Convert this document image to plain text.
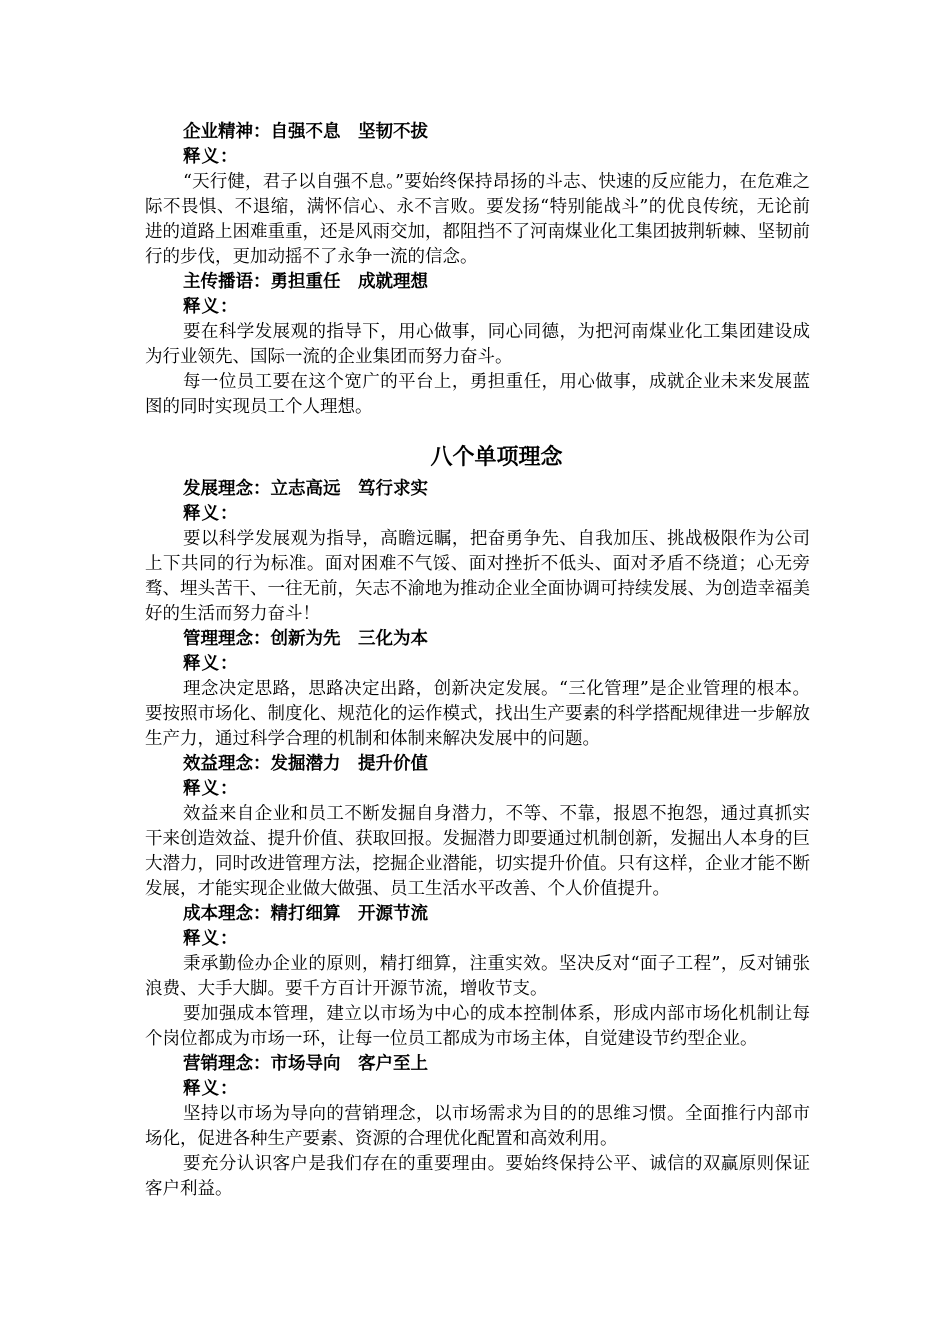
企业精神：自强不息　坚韧不拔

释义：

“天行健，君子以自强不息。”要始终保持昂扬的斗志、快速的反应能力，在危难之际不畏惧、不退缩，满怀信心、永不言败。要发扬“特别能战斗”的优良传统，无论前进的道路上困难重重，还是风雨交加，都阻挡不了河南煤业化工集团披荆斩棘、坚韧前行的步伐，更加动摇不了永争一流的信念。

主传播语：勇担重任　成就理想

释义：

要在科学发展观的指导下，用心做事，同心同德，为把河南煤业化工集团建设成为行业领先、国际一流的企业集团而努力奋斗。

每一位员工要在这个宽广的平台上，勇担重任，用心做事，成就企业未来发展蓝图的同时实现员工个人理想。

八个单项理念

发展理念：立志高远　笃行求实

释义：

要以科学发展观为指导，高瞻远瞩，把奋勇争先、自我加压、挑战极限作为公司上下共同的行为标准。面对困难不气馁、面对挫折不低头、面对矛盾不绕道；心无旁骛、埋头苦干、一往无前，矢志不渝地为推动企业全面协调可持续发展、为创造幸福美好的生活而努力奋斗！

管理理念：创新为先　三化为本

释义：

理念决定思路，思路决定出路，创新决定发展。“三化管理”是企业管理的根本。要按照市场化、制度化、规范化的运作模式，找出生产要素的科学搭配规律进一步解放生产力，通过科学合理的机制和体制来解决发展中的问题。

效益理念：发掘潜力　提升价值

释义：

效益来自企业和员工不断发掘自身潜力，不等、不靠，报恩不抱怨，通过真抓实干来创造效益、提升价值、获取回报。发掘潜力即要通过机制创新，发掘出人本身的巨大潜力，同时改进管理方法，挖掘企业潜能，切实提升价值。只有这样，企业才能不断发展，才能实现企业做大做强、员工生活水平改善、个人价值提升。

成本理念：精打细算　开源节流

释义：

秉承勤俭办企业的原则，精打细算，注重实效。坚决反对“面子工程”，反对铺张浪费、大手大脚。要千方百计开源节流，增收节支。

要加强成本管理，建立以市场为中心的成本控制体系，形成内部市场化机制让每个岗位都成为市场一环，让每一位员工都成为市场主体，自觉建设节约型企业。

营销理念：市场导向　客户至上

释义：

坚持以市场为导向的营销理念，以市场需求为目的的思维习惯。全面推行内部市场化，促进各种生产要素、资源的合理优化配置和高效利用。

要充分认识客户是我们存在的重要理由。要始终保持公平、诚信的双赢原则保证客户利益。
